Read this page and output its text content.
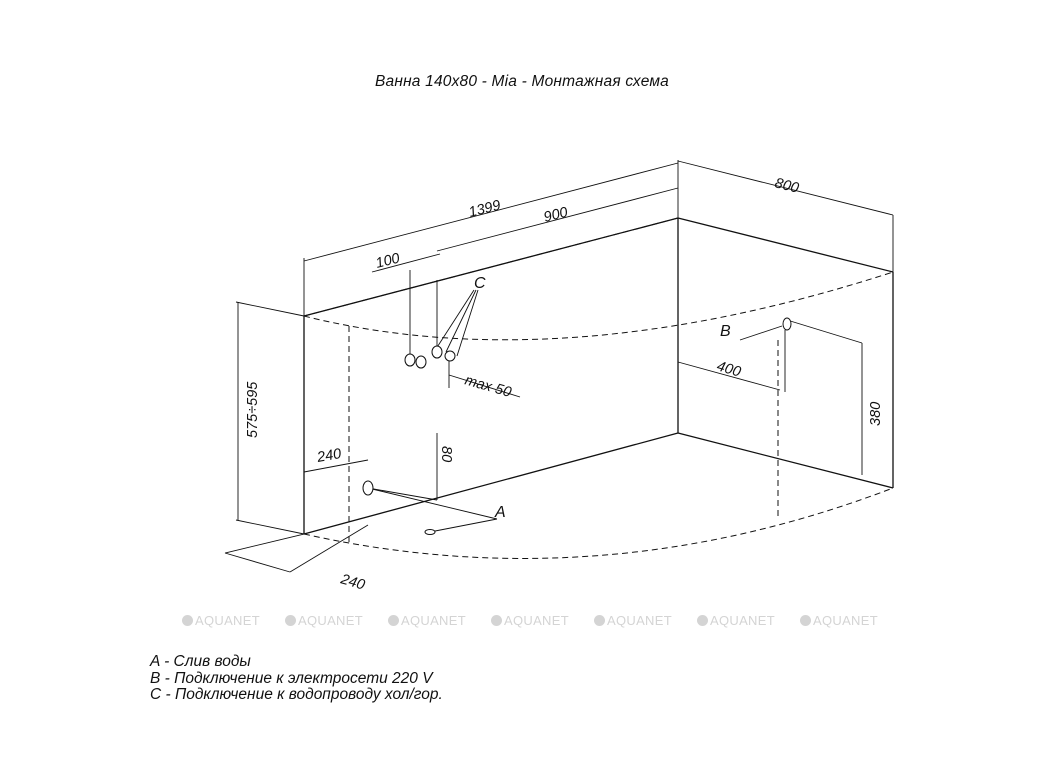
Ванна 140x80 - Mia - Монтажная схема
1399	900
100
800
575÷595
240	80
240
max 50
400
380
A
B
C
AQUANET	AQUANET	AQUANET	AQUANET	AQUANET	AQUANET	AQUANET
A - Слив воды
B - Подключение к электросети 220 V
C - Подключение к водопроводу хол/гор.
